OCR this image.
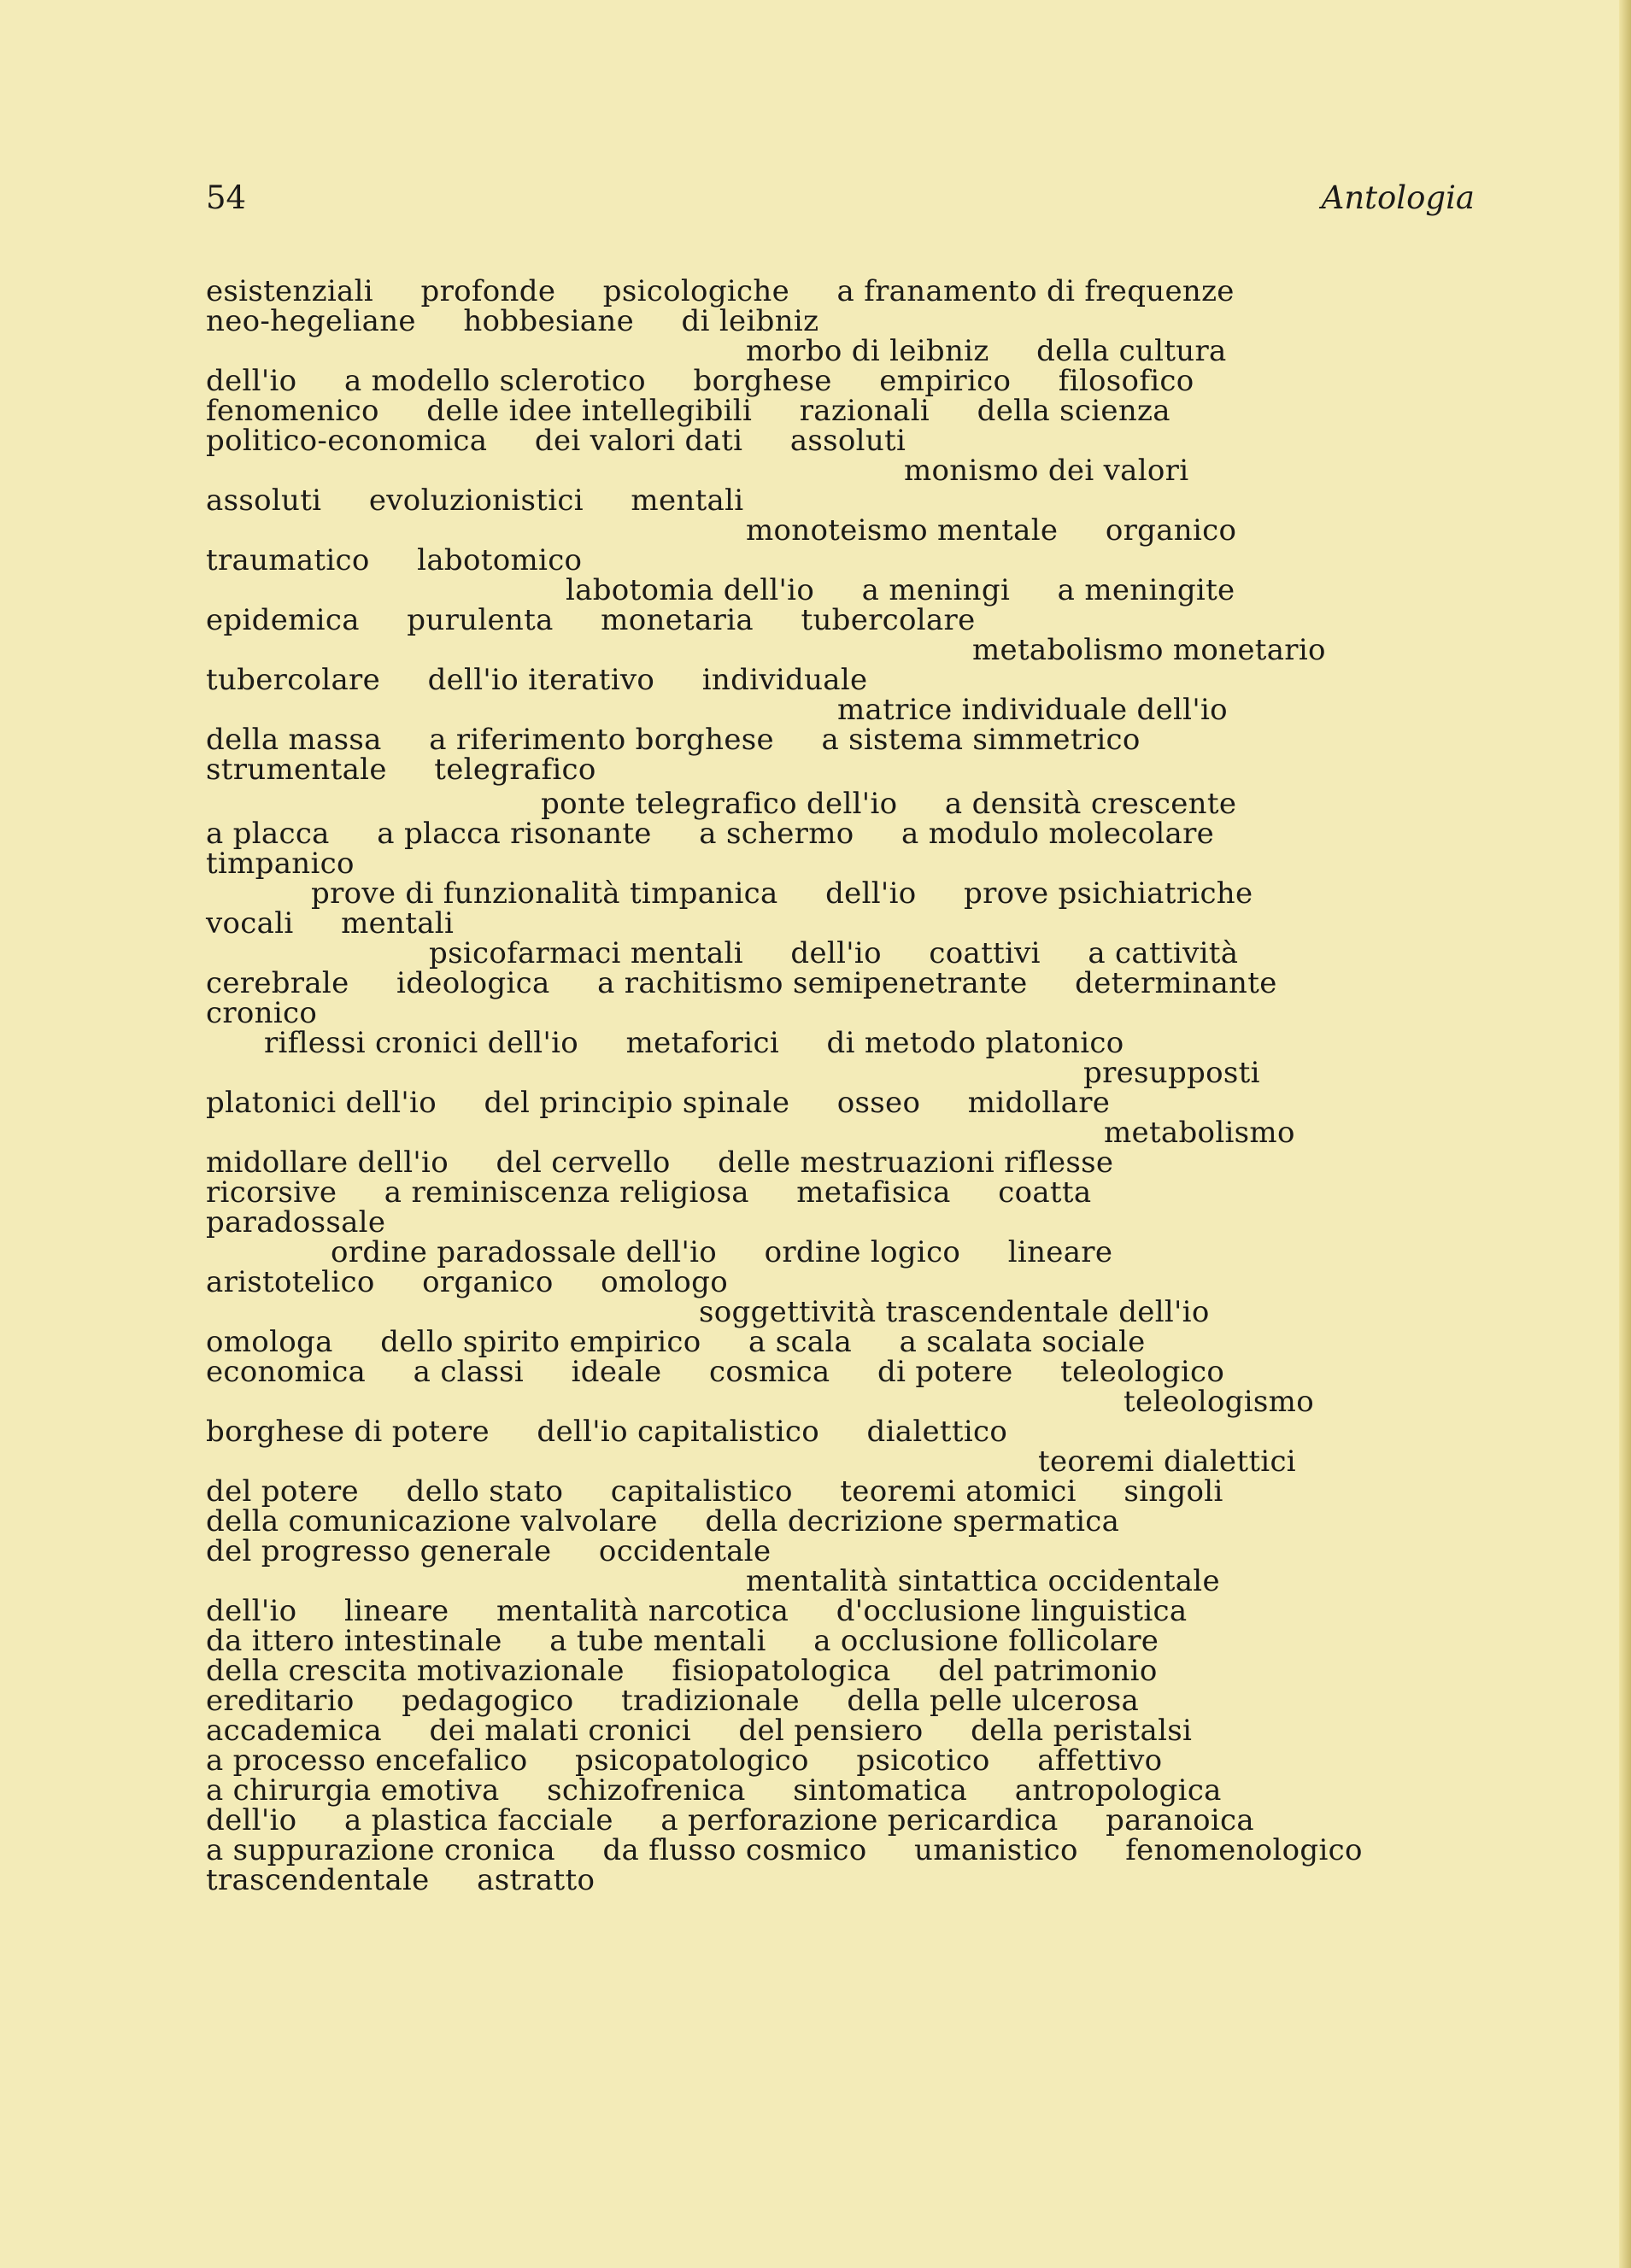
54	Antologia
esistenziali     profonde     psicologiche     a franamento di frequenze
neo-hegeliane     hobbesiane     di leibniz
morbo di leibniz     della cultura
dell'io     a modello sclerotico     borghese     empirico     filosofico
fenomenico     delle idee intellegibili     razionali     della scienza
politico-economica     dei valori dati     assoluti
monismo dei valori
assoluti     evoluzionistici     mentali
monoteismo mentale     organico
traumatico     labotomico
labotomia dell'io     a meningi     a meningite
epidemica     purulenta     monetaria     tubercolare
metabolismo monetario
tubercolare     dell'io iterativo     individuale
matrice individuale dell'io
della massa     a riferimento borghese     a sistema simmetrico
strumentale     telegrafico
ponte telegrafico dell'io     a densità crescente
a placca     a placca risonante     a schermo     a modulo molecolare
timpanico
prove di funzionalità timpanica     dell'io     prove psichiatriche
vocali     mentali
psicofarmaci mentali     dell'io     coattivi     a cattività
cerebrale     ideologica     a rachitismo semipenetrante     determinante
cronico
riflessi cronici dell'io     metaforici     di metodo platonico
presupposti
platonici dell'io     del principio spinale     osseo     midollare
metabolismo
midollare dell'io     del cervello     delle mestruazioni riflesse
ricorsive     a reminiscenza religiosa     metafisica     coatta
paradossale
ordine paradossale dell'io     ordine logico     lineare
aristotelico     organico     omologo
soggettività trascendentale dell'io
omologa     dello spirito empirico     a scala     a scalata sociale
economica     a classi     ideale     cosmica     di potere     teleologico
teleologismo
borghese di potere     dell'io capitalistico     dialettico
teoremi dialettici
del potere     dello stato     capitalistico     teoremi atomici     singoli
della comunicazione valvolare     della decrizione spermatica
del progresso generale     occidentale
mentalità sintattica occidentale
dell'io     lineare     mentalità narcotica     d'occlusione linguistica
da ittero intestinale     a tube mentali     a occlusione follicolare
della crescita motivazionale     fisiopatologica     del patrimonio
ereditario     pedagogico     tradizionale     della pelle ulcerosa
accademica     dei malati cronici     del pensiero     della peristalsi
a processo encefalico     psicopatologico     psicotico     affettivo
a chirurgia emotiva     schizofrenica     sintomatica     antropologica
dell'io     a plastica facciale     a perforazione pericardica     paranoica
a suppurazione cronica     da flusso cosmico     umanistico     fenomenologico
trascendentale     astratto
